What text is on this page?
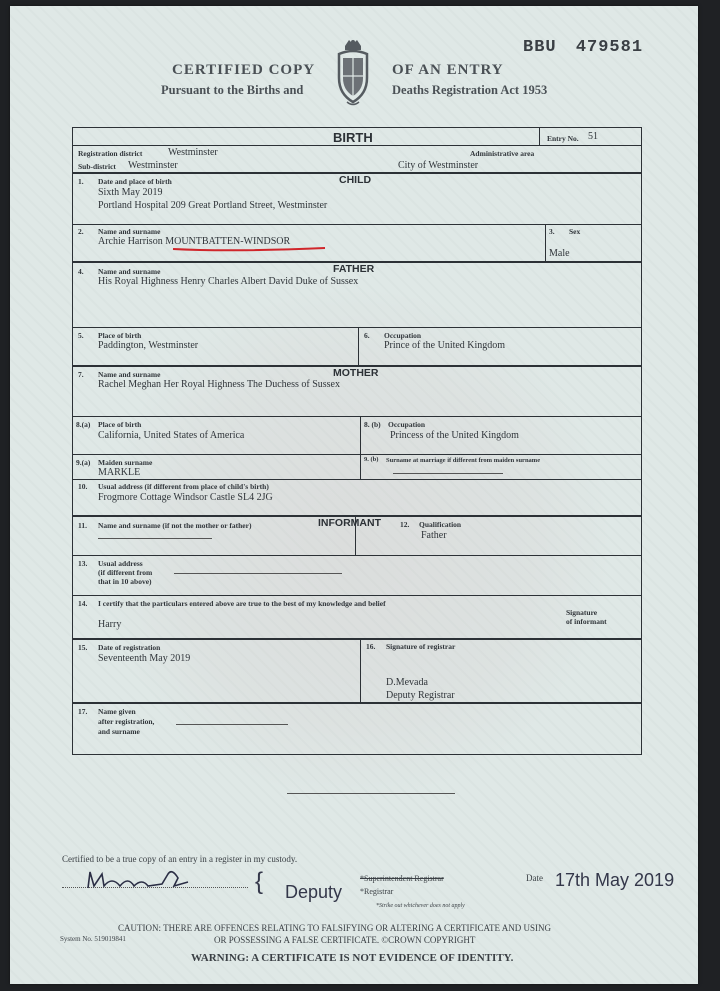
BBU 479581
CERTIFIED COPY	OF AN ENTRY
Pursuant to the Births and	Deaths Registration Act 1953
BIRTH	Entry No. 51
Registration district	Westminster	Administrative area
Sub-district Westminster	City of Westminster
CHILD
1. Date and place of birth
Sixth May 2019
Portland Hospital 209 Great Portland Street, Westminster
2. Name and surname
Archie Harrison MOUNTBATTEN-WINDSOR
3. Sex
Male
FATHER
4. Name and surname
His Royal Highness Henry Charles Albert David Duke of Sussex
5. Place of birth
Paddington, Westminster
6. Occupation
Prince of the United Kingdom
MOTHER
7. Name and surname
Rachel Meghan Her Royal Highness The Duchess of Sussex
8.(a) Place of birth
California, United States of America
8. (b) Occupation
Princess of the United Kingdom
9.(a) Maiden surname
MARKLE
9. (b) Surname at marriage if different from maiden surname
10. Usual address (if different from place of child's birth)
Frogmore Cottage Windsor Castle SL4 2JG
INFORMANT
11. Name and surname (if not the mother or father)	12. Qualification
Father
13. Usual address
(if different from
that in 10 above)
14. I certify that the particulars entered above are true to the best of my knowledge and belief
Harry
Signature
of informant
15. Date of registration
Seventeenth May 2019
16. Signature of registrar
D.Mevada
Deputy Registrar
17. Name given
after registration,
and surname
Certified to be a true copy of an entry in a register in my custody.
{ Deputy
*Superintendent Registrar
*Registrar
*Strike out whichever does not apply
Date 17th May 2019
System No. 519019841
CAUTION: THERE ARE OFFENCES RELATING TO FALSIFYING OR ALTERING A CERTIFICATE AND USING
OR POSSESSING A FALSE CERTIFICATE. ©CROWN COPYRIGHT
WARNING: A CERTIFICATE IS NOT EVIDENCE OF IDENTITY.
